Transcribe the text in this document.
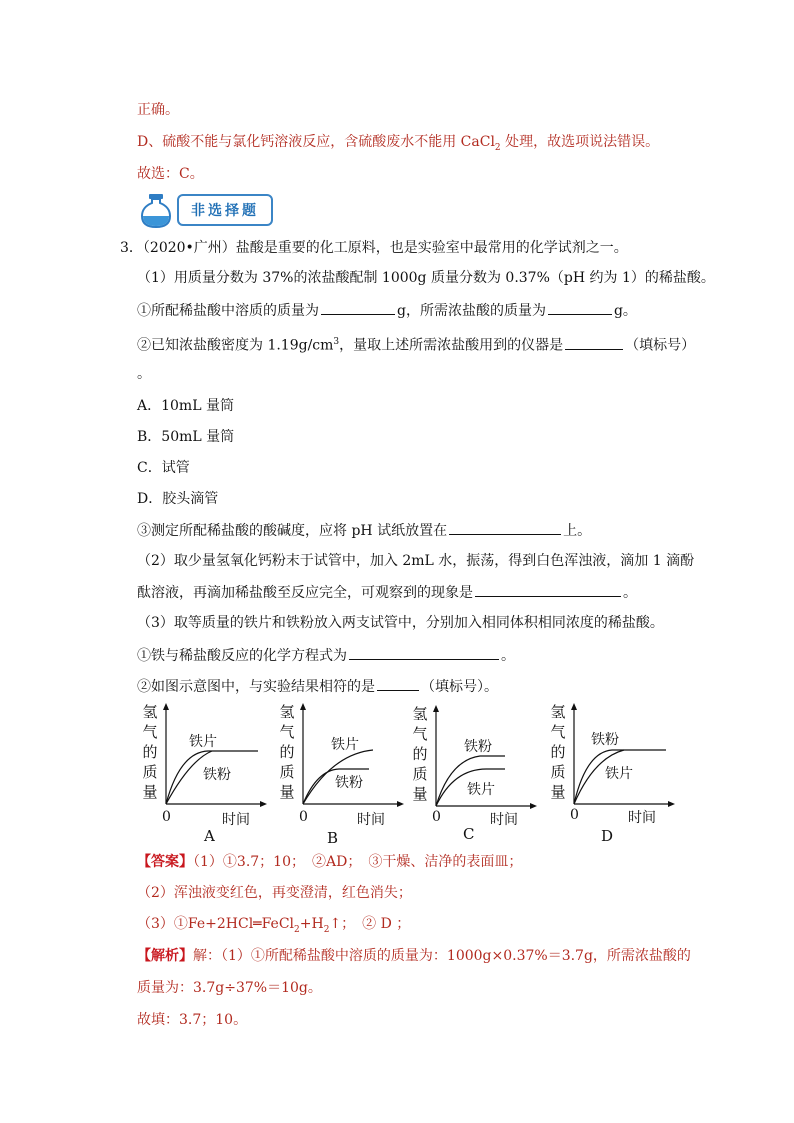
正确。
D、硫酸不能与氯化钙溶液反应，含硫酸废水不能用 CaCl$_2$ 处理，故选项说法错误。
故选：C。
非选择题
3．（2020•广州）盐酸是重要的化工原料，也是实验室中最常用的化学试剂之一。
（1）用质量分数为 37%的浓盐酸配制 1000g 质量分数为 0.37%（pH 约为 1）的稀盐酸。
①所配稀盐酸中溶质的质量为	g，所需浓盐酸的质量为	g。
②已知浓盐酸密度为 $1.19g/cm^3$，量取上述所需浓盐酸用到的仪器是	（填标号）
。
A．10mL 量筒
B．50mL 量筒
C．试管
D．胶头滴管
③测定所配稀盐酸的酸碱度，应将 pH 试纸放置在	上。
（2）取少量氢氧化钙粉末于试管中，加入 2mL 水，振荡，得到白色浑浊液，滴加 1 滴酚
酞溶液，再滴加稀盐酸至反应完全，可观察到的现象是	。
（3）取等质量的铁片和铁粉放入两支试管中，分别加入相同体积相同浓度的稀盐酸。
①铁与稀盐酸反应的化学方程式为	。
②如图示意图中，与实验结果相符的是	（填标号）。
氢
气
的
质
量
铁片
铁粉
0	时间
A
氢
气
的
质
量
铁片
铁粉
0	时间
B
氢
气
的
质
量
铁粉
铁片
0	时间
C
氢
气
的
质
量
铁粉
铁片
0	时间
D
【答案】（1）①3.7；10；　②AD；　③干燥、洁净的表面皿；
（2）浑浊液变红色，再变澄清，红色消失；
$(3)①Fe+2HCl═FeCl_2+H_2↑$；　② D ；
【解析】解：（1）①所配稀盐酸中溶质的质量为：1000g×0.37%＝3.7g，所需浓盐酸的
质量为：3.7g÷37%＝10g。
故填：3.7；10。
